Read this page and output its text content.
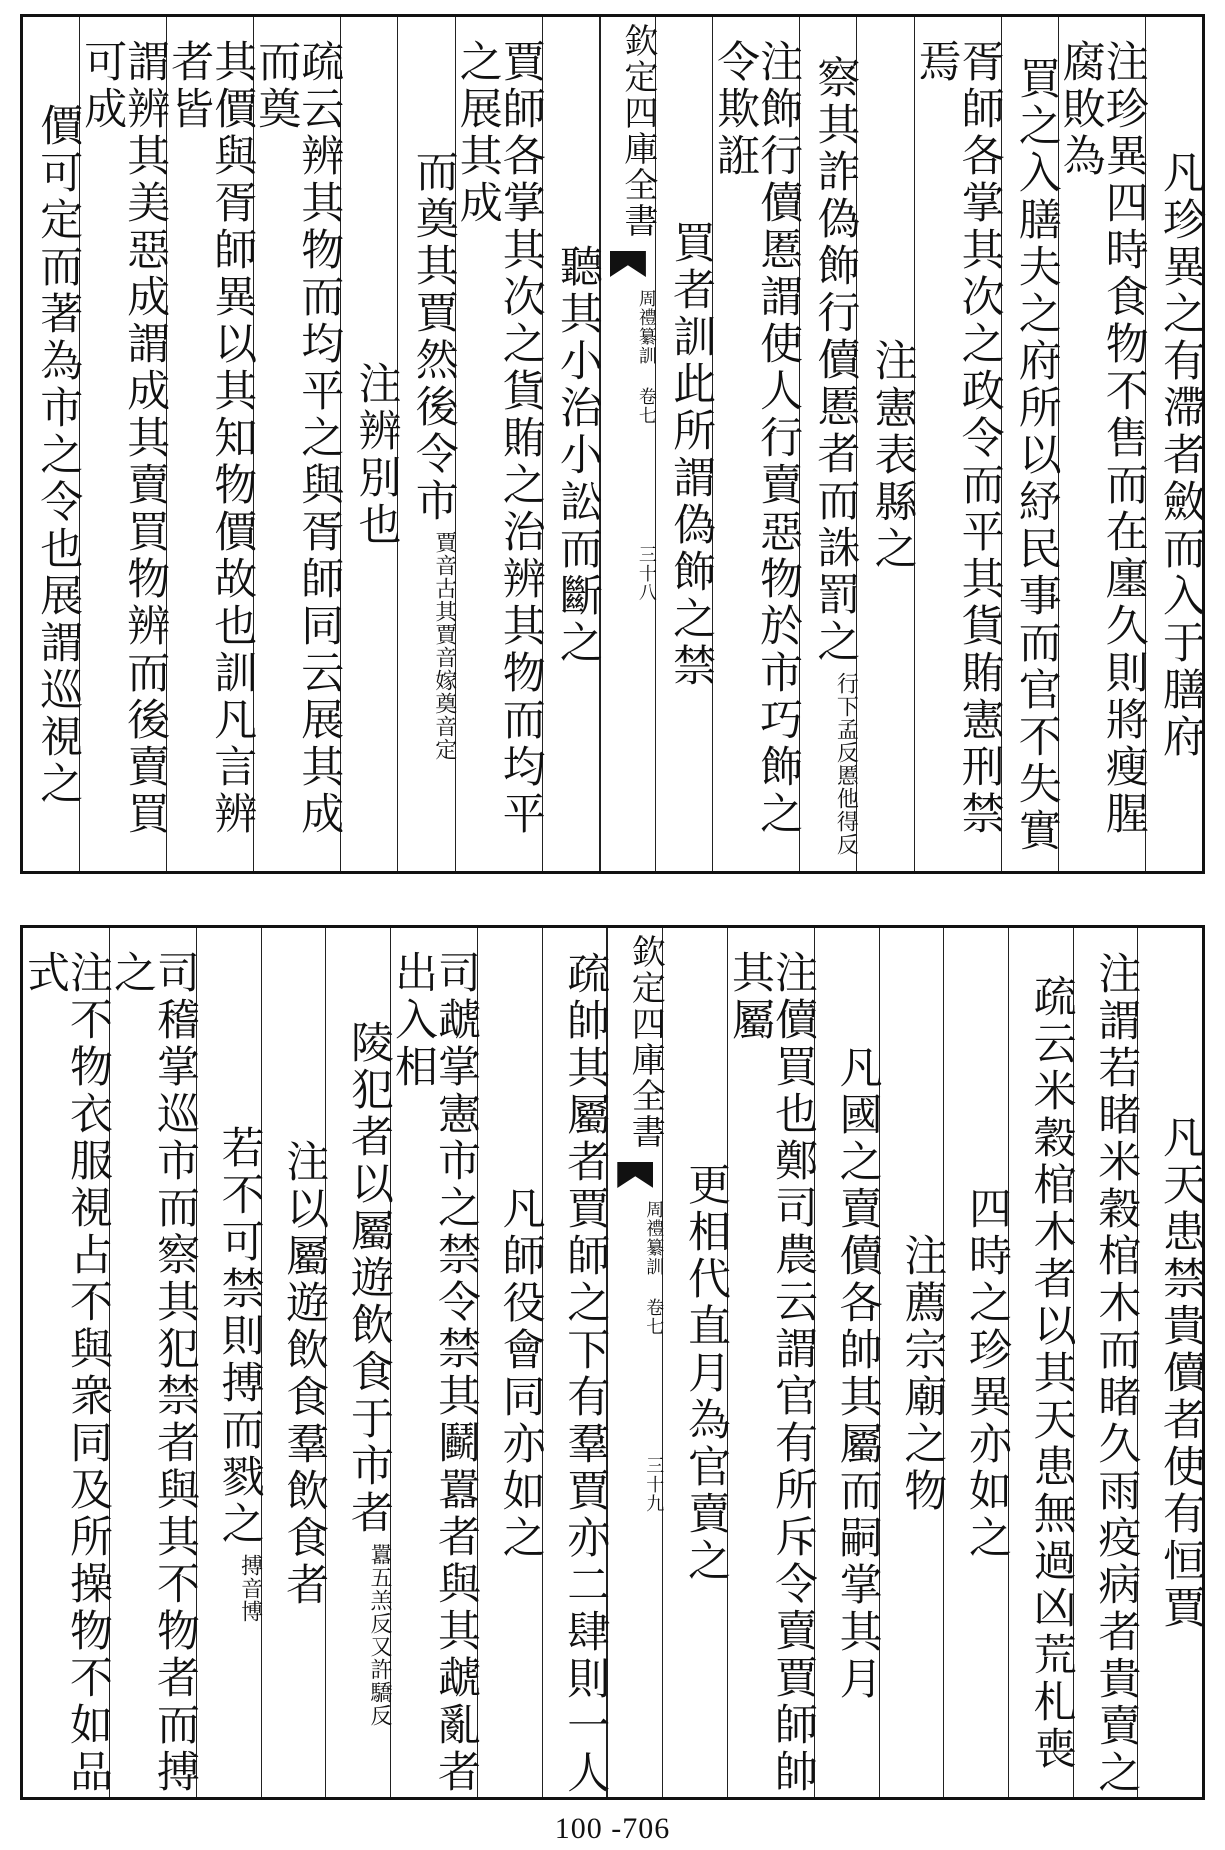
凡珍異之有滯者斂而入于膳府
注珍異四時食物不售而在廛久則將瘦腥腐敗為
買之入膳夫之府所以紓民事而官不失實
胥師各掌其次之政令而平其貨賄憲刑禁焉
注憲表縣之
察其詐偽飾行儥慝者而誅罰之
行下孟反慝他得反
注飾行儥慝謂使人行賣惡物於市巧飾之令欺誑
買者訓此所謂偽飾之禁
欽定四庫全書
周禮纂訓 卷七
三十八
聽其小治小訟而斷之
賈師各掌其次之貨賄之治辨其物而均平之展其成
而奠其賈然後令市
賈音古其賈音嫁奠音定
注辨別也
疏云辨其物而均平之與胥師同云展其成而奠
其價與胥師異以其知物價故也訓凡言辨者皆
謂辨其美惡成謂成其賣買物辨而後賣買可成
價可定而著為市之令也展謂巡視之
凡天患禁貴儥者使有恒賈
注謂若睹米穀棺木而睹久雨疫病者貴賣之
疏云米穀棺木者以其天患無過凶荒札喪
四時之珍異亦如之
注薦宗廟之物
凡國之賣儥各帥其屬而嗣掌其月
注儥買也鄭司農云謂官有所斥令賣賈師帥其屬
更相代直月為官賣之
欽定四庫全書
周禮纂訓 卷七
三十九
疏帥其屬者賈師之下有羣賈亦二肆則一人
凡師役會同亦如之
司虣掌憲市之禁令禁其鬬囂者與其虣亂者出入相
陵犯者以屬遊飲食于市者
囂五羔反又許驕反
注以屬遊飲食羣飲食者
若不可禁則搏而戮之
搏音博
司稽掌巡市而察其犯禁者與其不物者而搏之
注不物衣服視占不與衆同及所操物不如品式
100 -706
